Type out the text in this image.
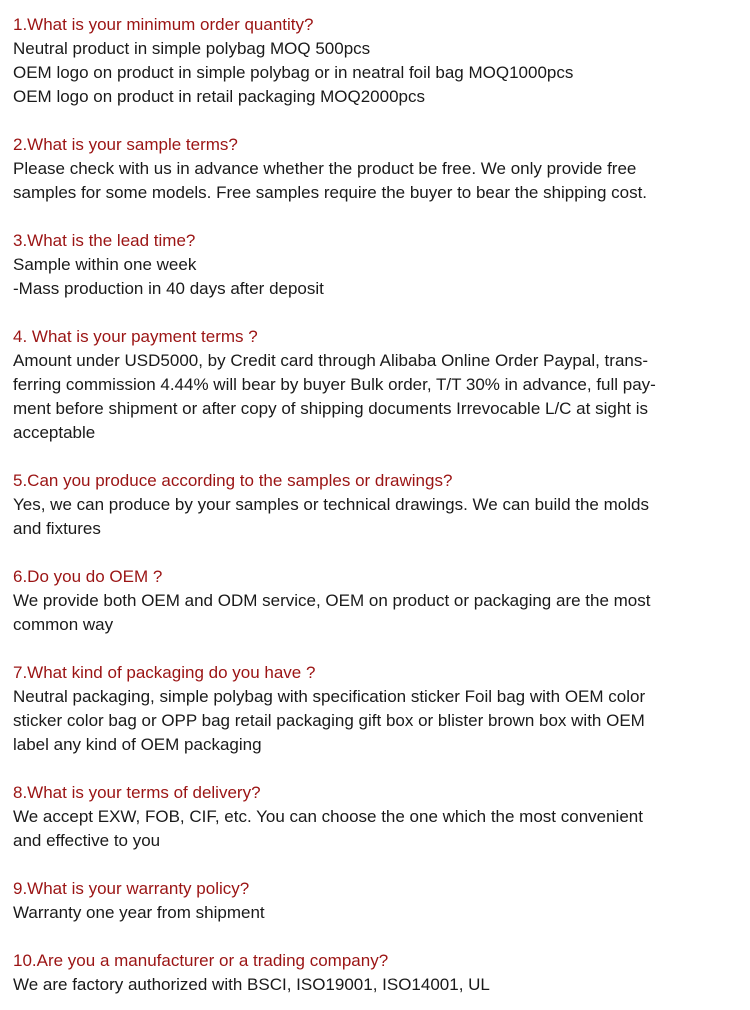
1.What is your minimum order quantity?
Neutral product in simple polybag MOQ 500pcs
OEM logo on product in simple polybag or in neatral foil bag MOQ1000pcs
OEM logo on product in retail packaging MOQ2000pcs
2.What is your sample terms?
Please check with us in advance whether the product be free. We only provide free
samples for some models. Free samples require the buyer to bear the shipping cost.
3.What is the lead time?
Sample within one week
-Mass production in 40 days after deposit
4. What is your payment terms ?
Amount under USD5000, by Credit card through Alibaba Online Order Paypal, trans-
ferring commission 4.44% will bear by buyer Bulk order, T/T 30% in advance, full pay-
ment before shipment or after copy of shipping documents Irrevocable L/C at sight is
acceptable
5.Can you produce according to the samples or drawings?
Yes, we can produce by your samples or technical drawings. We can build the molds
and fixtures
6.Do you do OEM ?
We provide both OEM and ODM service, OEM on product or packaging are the most
common way
7.What kind of packaging do you have ?
Neutral packaging, simple polybag with specification sticker Foil bag with OEM color
sticker color bag or OPP bag retail packaging gift box or blister brown box with OEM
label any kind of OEM packaging
8.What is your terms of delivery?
We accept EXW, FOB, CIF, etc. You can choose the one which the most convenient
and effective to you
9.What is your warranty policy?
Warranty one year from shipment
10.Are you a manufacturer or a trading company?
We are factory authorized with BSCI, ISO19001, ISO14001, UL
